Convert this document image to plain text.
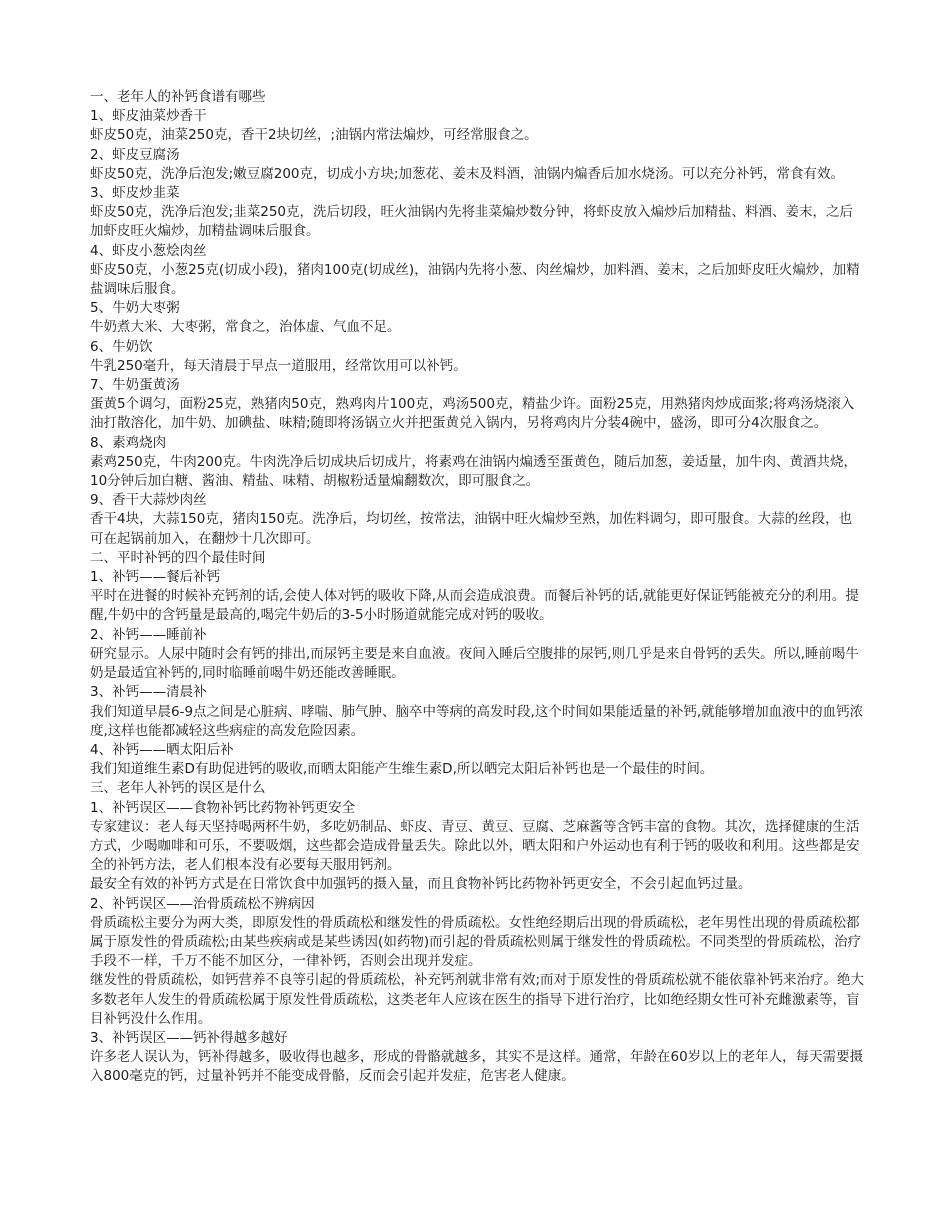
一、老年人的补钙食谱有哪些
1、虾皮油菜炒香干
虾皮50克，油菜250克，香干2块切丝，;油锅内常法煸炒，可经常服食之。
2、虾皮豆腐汤
虾皮50克，洗净后泡发;嫩豆腐200克，切成小方块;加葱花、姜末及料酒，油锅内煸香后加水烧汤。可以充分补钙，常食有效。
3、虾皮炒韭菜
虾皮50克，洗净后泡发;韭菜250克，洗后切段，旺火油锅内先将韭菜煸炒数分钟，将虾皮放入煸炒后加精盐、料酒、姜末，之后加虾皮旺火煸炒，加精盐调味后服食。
4、虾皮小葱烩肉丝
虾皮50克，小葱25克(切成小段)，猪肉100克(切成丝)，油锅内先将小葱、肉丝煸炒，加料酒、姜末，之后加虾皮旺火煸炒，加精盐调味后服食。
5、牛奶大枣粥
牛奶煮大米、大枣粥，常食之，治体虚、气血不足。
6、牛奶饮
牛乳250毫升，每天清晨于早点一道服用，经常饮用可以补钙。
7、牛奶蛋黄汤
蛋黄5个调匀，面粉25克，熟猪肉50克，熟鸡肉片100克，鸡汤500克，精盐少许。面粉25克，用熟猪肉炒成面浆;将鸡汤烧滚入油打散溶化，加牛奶、加碘盐、味精;随即将汤锅立火并把蛋黄兑入锅内，另将鸡肉片分装4碗中，盛汤，即可分4次服食之。
8、素鸡烧肉
素鸡250克，牛肉200克。牛肉洗净后切成块后切成片，将素鸡在油锅内煸透至蛋黄色，随后加葱，姜适量，加牛肉、黄酒共烧，10分钟后加白糖、酱油、精盐、味精、胡椒粉适量煸翻数次，即可服食之。
9、香干大蒜炒肉丝
香干4块，大蒜150克，猪肉150克。洗净后，均切丝，按常法，油锅中旺火煸炒至熟，加佐料调匀，即可服食。大蒜的丝段，也可在起锅前加入，在翻炒十几次即可。
二、平时补钙的四个最佳时间
1、补钙——餐后补钙
平时在进餐的时候补充钙剂的话,会使人体对钙的吸收下降,从而会造成浪费。而餐后补钙的话,就能更好保证钙能被充分的利用。提醒,牛奶中的含钙量是最高的,喝完牛奶后的3-5小时肠道就能完成对钙的吸收。
2、补钙——睡前补
研究显示。人尿中随时会有钙的排出,而尿钙主要是来自血液。夜间入睡后空腹排的尿钙,则几乎是来自骨钙的丢失。所以,睡前喝牛奶是最适宜补钙的,同时临睡前喝牛奶还能改善睡眠。
3、补钙——清晨补
我们知道早晨6-9点之间是心脏病、哮喘、肺气肿、脑卒中等病的高发时段,这个时间如果能适量的补钙,就能够增加血液中的血钙浓度,这样也能都减轻这些病症的高发危险因素。
4、补钙——晒太阳后补
我们知道维生素D有助促进钙的吸收,而晒太阳能产生维生素D,所以晒完太阳后补钙也是一个最佳的时间。
三、老年人补钙的误区是什么
1、补钙误区——食物补钙比药物补钙更安全
专家建议：老人每天坚持喝两杯牛奶，多吃奶制品、虾皮、青豆、黄豆、豆腐、芝麻酱等含钙丰富的食物。其次，选择健康的生活方式，少喝咖啡和可乐，不要吸烟，这些都会造成骨量丢失。除此以外，晒太阳和户外运动也有利于钙的吸收和利用。这些都是安全的补钙方法，老人们根本没有必要每天服用钙剂。
最安全有效的补钙方式是在日常饮食中加强钙的摄入量，而且食物补钙比药物补钙更安全，不会引起血钙过量。
2、补钙误区——治骨质疏松不辨病因
骨质疏松主要分为两大类，即原发性的骨质疏松和继发性的骨质疏松。女性绝经期后出现的骨质疏松，老年男性出现的骨质疏松都属于原发性的骨质疏松;由某些疾病或是某些诱因(如药物)而引起的骨质疏松则属于继发性的骨质疏松。不同类型的骨质疏松，治疗手段不一样，千万不能不加区分，一律补钙，否则会出现并发症。
继发性的骨质疏松，如钙营养不良等引起的骨质疏松，补充钙剂就非常有效;而对于原发性的骨质疏松就不能依靠补钙来治疗。绝大多数老年人发生的骨质疏松属于原发性骨质疏松，这类老年人应该在医生的指导下进行治疗，比如绝经期女性可补充雌激素等，盲目补钙没什么作用。
3、补钙误区——钙补得越多越好
许多老人误认为，钙补得越多，吸收得也越多，形成的骨骼就越多，其实不是这样。通常，年龄在60岁以上的老年人，每天需要摄入800毫克的钙，过量补钙并不能变成骨骼，反而会引起并发症，危害老人健康。
